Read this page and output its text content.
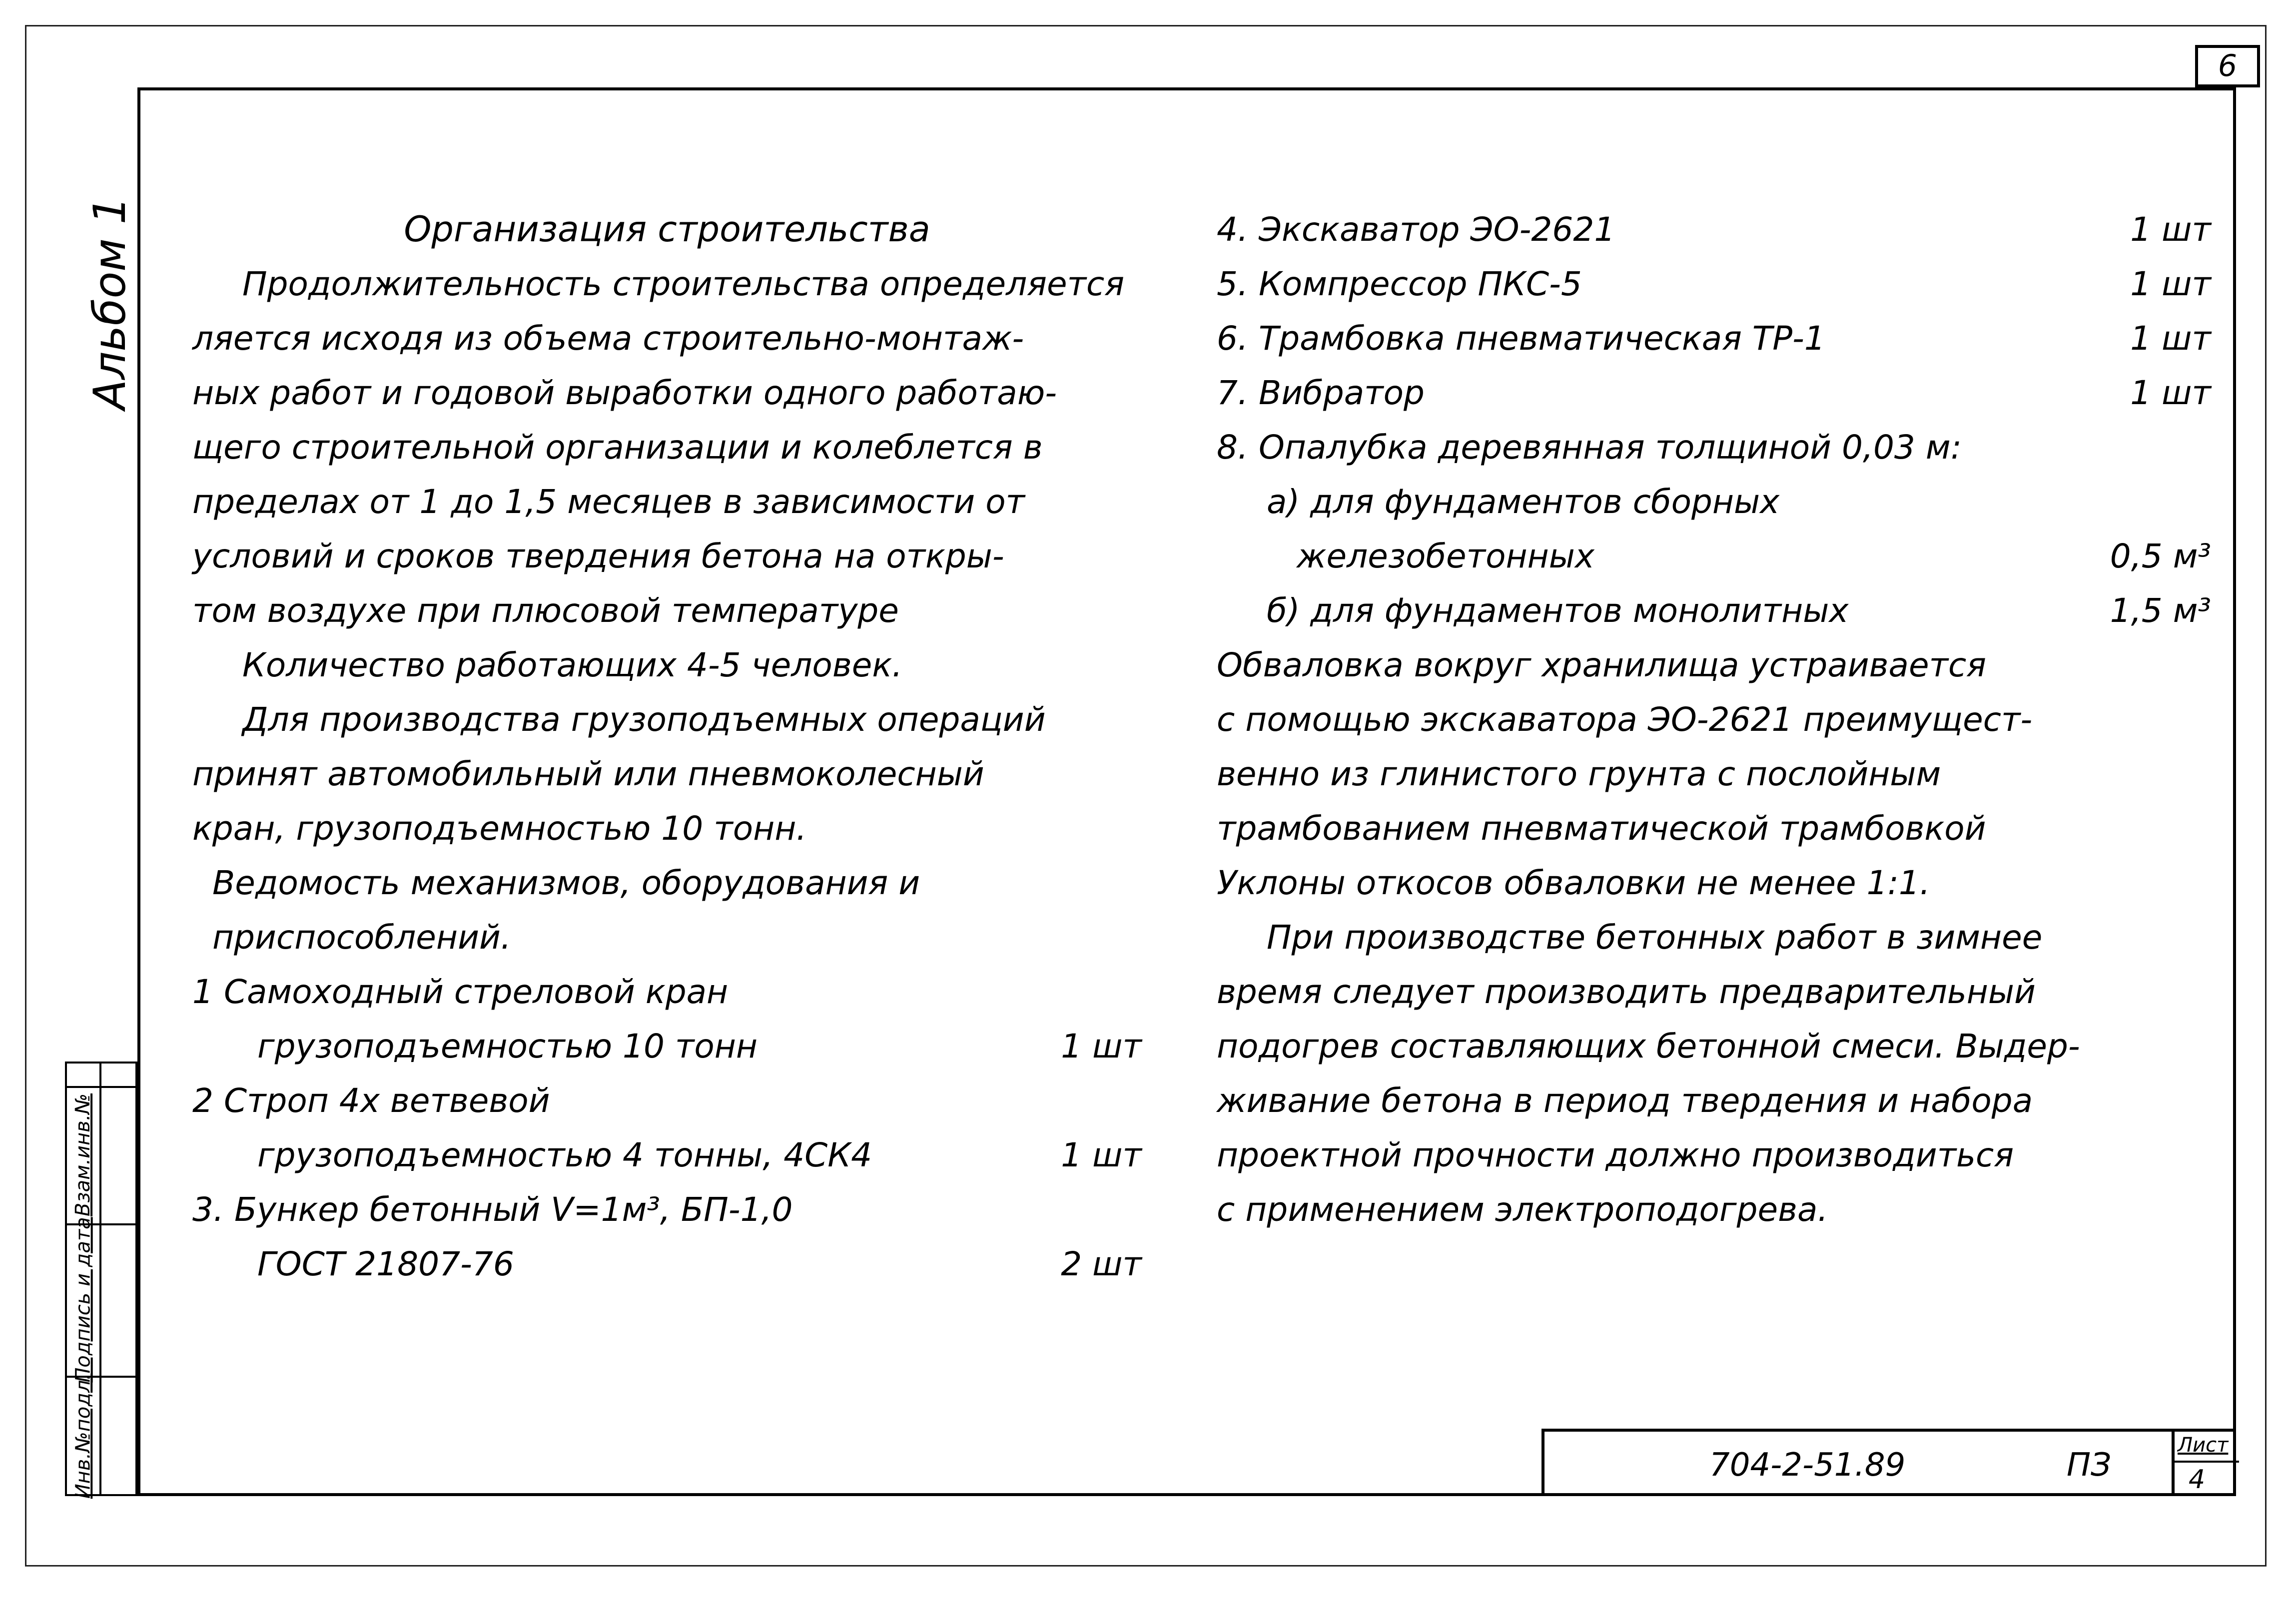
6
Альбом 1
Взам.инв.№
Подпись и дата
Инв.№подл.	704-2-51.89	ПЗ
Лист
4
Организация строительства
Продолжительность строительства определяется
ляется исходя из объема строительно-монтаж-
ных работ и годовой выработки одного работаю-
щего строительной организации и колеблется в
пределах от 1 до 1,5 месяцев в зависимости от
условий и сроков твердения бетона на откры-
том воздухе при плюсовой температуре
Количество работающих 4-5 человек.
Для производства грузоподъемных операций
принят автомобильный или пневмоколесный
кран, грузоподъемностью 10 тонн.
Ведомость механизмов, оборудования и
приспособлений.
1 Самоходный стреловой кран
грузоподъемностью 10 тонн	1 шт
2 Строп 4х ветвевой
грузоподъемностью 4 тонны, 4СК4	1 шт
3. Бункер бетонный V=1м³, БП-1,0
ГОСТ 21807-76	2 шт
4. Экскаватор ЭО-2621	1 шт
5. Компрессор ПКС-5	1 шт
6. Трамбовка пневматическая ТР-1	1 шт
7. Вибратор	1 шт
8. Опалубка деревянная толщиной 0,03 м:
а) для фундаментов сборных
железобетонных	0,5 м³
б) для фундаментов монолитных	1,5 м³
Обваловка вокруг хранилища устраивается
с помощью экскаватора ЭО-2621 преимущест-
венно из глинистого грунта с послойным
трамбованием пневматической трамбовкой
Уклоны откосов обваловки не менее 1:1.
При производстве бетонных работ в зимнее
время следует производить предварительный
подогрев составляющих бетонной смеси. Выдер-
живание бетона в период твердения и набора
проектной прочности должно производиться
с применением электроподогрева.
